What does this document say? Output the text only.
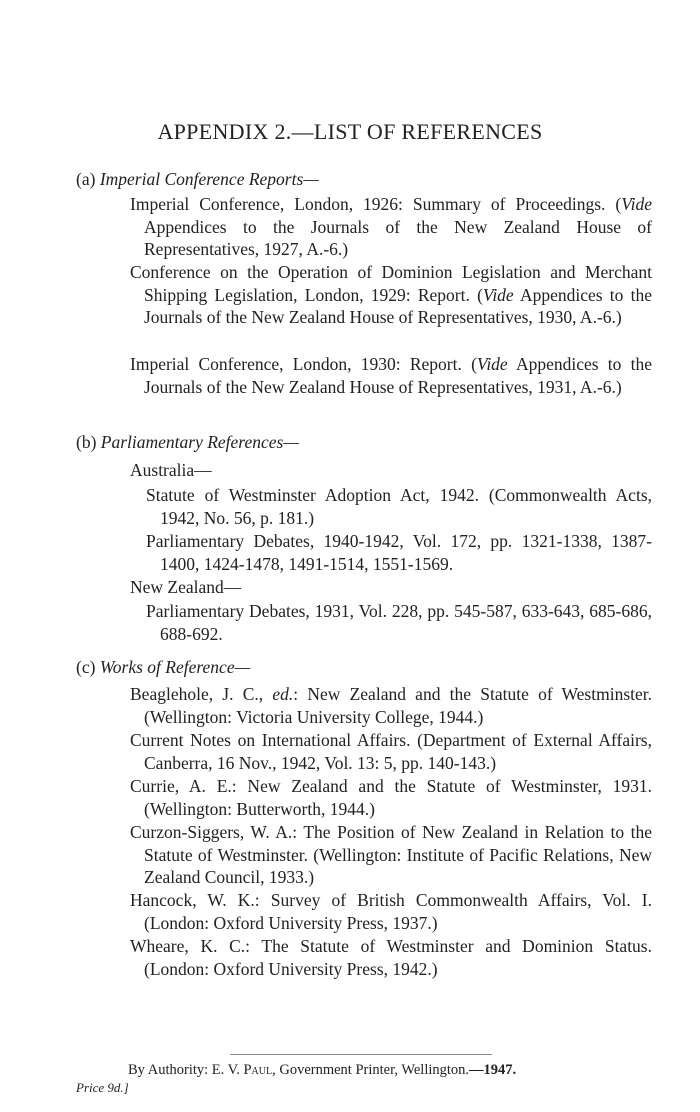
APPENDIX 2.—LIST OF REFERENCES
(a) Imperial Conference Reports—

Imperial Conference, London, 1926: Summary of Proceedings. (Vide Appendices to the Journals of the New Zealand House of Representatives, 1927, A.-6.)

Conference on the Operation of Dominion Legislation and Merchant Shipping Legislation, London, 1929: Report. (Vide Appendices to the Journals of the New Zealand House of Representatives, 1930, A.-6.)

Imperial Conference, London, 1930: Report. (Vide Appendices to the Journals of the New Zealand House of Representatives, 1931, A.-6.)

(b) Parliamentary References—

Australia—

Statute of Westminster Adoption Act, 1942. (Commonwealth Acts, 1942, No. 56, p. 181.)

Parliamentary Debates, 1940-1942, Vol. 172, pp. 1321-1338, 1387-1400, 1424-1478, 1491-1514, 1551-1569.

New Zealand—

Parliamentary Debates, 1931, Vol. 228, pp. 545-587, 633-643, 685-686, 688-692.

(c) Works of Reference—

Beaglehole, J. C., ed.: New Zealand and the Statute of Westminster. (Wellington: Victoria University College, 1944.)

Current Notes on International Affairs. (Department of External Affairs, Canberra, 16 Nov., 1942, Vol. 13: 5, pp. 140-143.)

Currie, A. E.: New Zealand and the Statute of Westminster, 1931. (Wellington: Butterworth, 1944.)

Curzon-Siggers, W. A.: The Position of New Zealand in Relation to the Statute of Westminster. (Wellington: Institute of Pacific Relations, New Zealand Council, 1933.)

Hancock, W. K.: Survey of British Commonwealth Affairs, Vol. I. (London: Oxford University Press, 1937.)

Wheare, K. C.: The Statute of Westminster and Dominion Status. (London: Oxford University Press, 1942.)

By Authority: E. V. Paul, Government Printer, Wellington.—1947.
Price 9d.]
